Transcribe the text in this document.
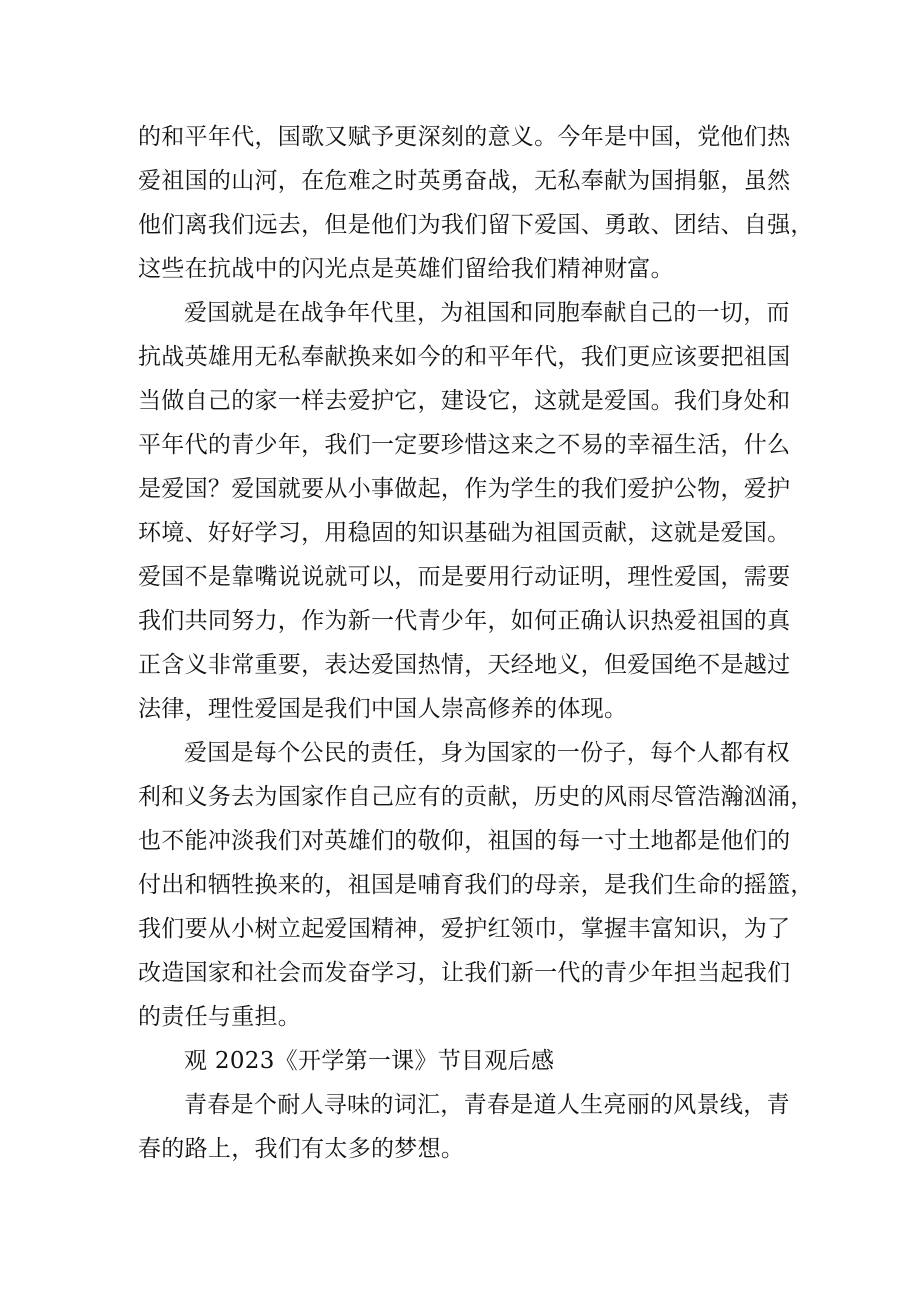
的和平年代，国歌又赋予更深刻的意义。今年是中国，党他们热
爱祖国的山河，在危难之时英勇奋战，无私奉献为国捐躯，虽然
他们离我们远去，但是他们为我们留下爱国、勇敢、团结、自强，
这些在抗战中的闪光点是英雄们留给我们精神财富。
爱国就是在战争年代里，为祖国和同胞奉献自己的一切，而
抗战英雄用无私奉献换来如今的和平年代，我们更应该要把祖国
当做自己的家一样去爱护它，建设它，这就是爱国。我们身处和
平年代的青少年，我们一定要珍惜这来之不易的幸福生活，什么
是爱国？爱国就要从小事做起，作为学生的我们爱护公物，爱护
环境、好好学习，用稳固的知识基础为祖国贡献，这就是爱国。
爱国不是靠嘴说说就可以，而是要用行动证明，理性爱国，需要
我们共同努力，作为新一代青少年，如何正确认识热爱祖国的真
正含义非常重要，表达爱国热情，天经地义，但爱国绝不是越过
法律，理性爱国是我们中国人崇高修养的体现。
爱国是每个公民的责任，身为国家的一份子，每个人都有权
利和义务去为国家作自己应有的贡献，历史的风雨尽管浩瀚汹涌，
也不能冲淡我们对英雄们的敬仰，祖国的每一寸土地都是他们的
付出和牺牲换来的，祖国是哺育我们的母亲，是我们生命的摇篮，
我们要从小树立起爱国精神，爱护红领巾，掌握丰富知识，为了
改造国家和社会而发奋学习，让我们新一代的青少年担当起我们
的责任与重担。
观 2023《开学第一课》节目观后感
青春是个耐人寻味的词汇，青春是道人生亮丽的风景线，青
春的路上，我们有太多的梦想。
